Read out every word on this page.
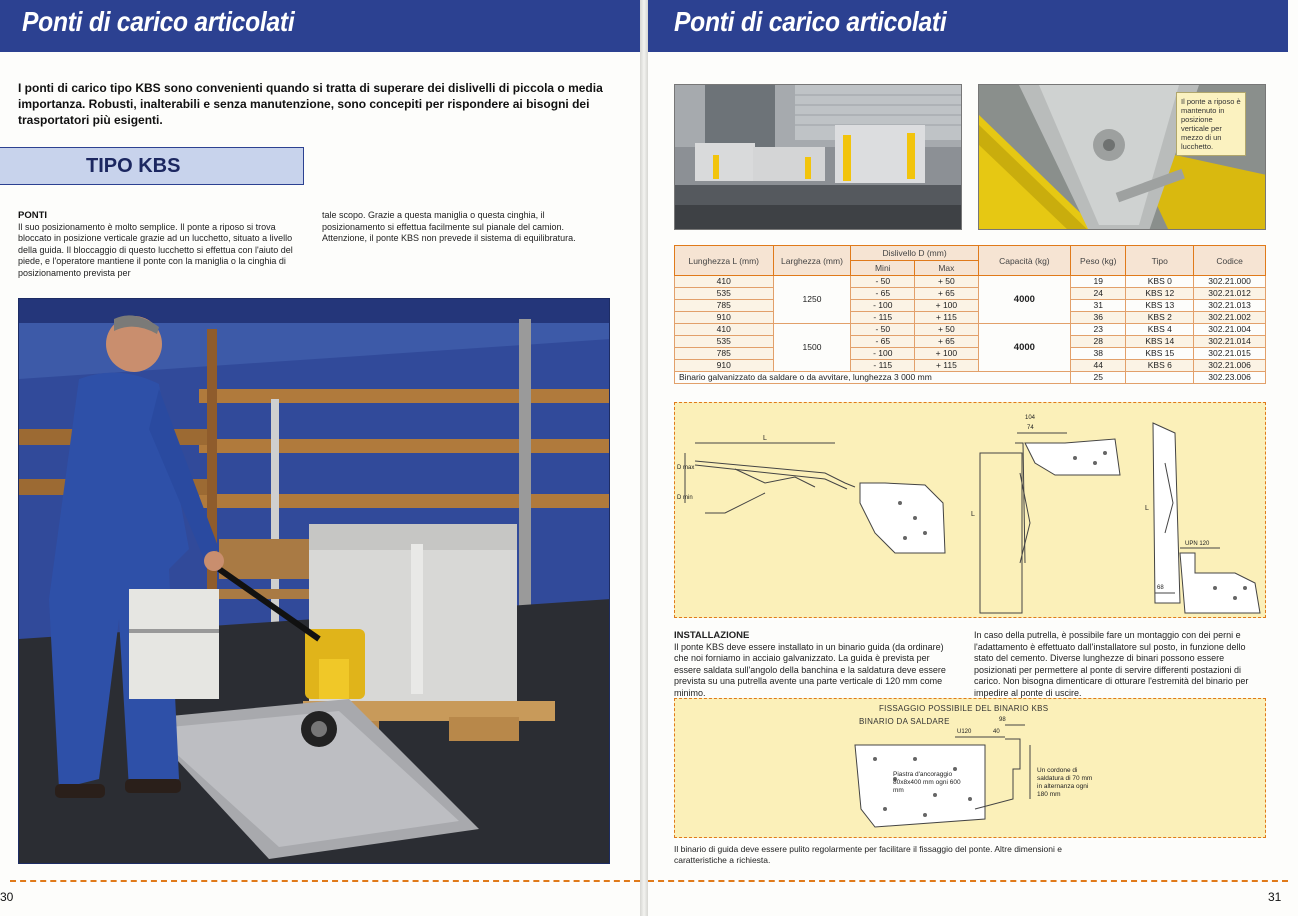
Ponti di carico articolati

I ponti di carico tipo KBS sono convenienti quando si tratta di superare dei dislivelli di piccola o media importanza. Robusti, inalterabili e senza manutenzione, sono concepiti per rispondere ai bisogni dei trasportatori più esigenti.

TIPO KBS
PONTI
Il suo posizionamento è molto semplice. Il ponte a riposo si trova bloccato in posizione verticale grazie ad un lucchetto, situato a livello della guida. Il bloccaggio di questo lucchetto si effettua con l'aiuto del piede, e l'operatore mantiene il ponte con la maniglia o la cinghia di posizionamento prevista per
tale scopo. Grazie a questa maniglia o questa cinghia, il posizionamento si effettua facilmente sul pianale del camion. Attenzione, il ponte KBS non prevede il sistema di equilibratura.
30
Ponti di carico articolati
Il ponte a riposo è mantenuto in posizione verticale per mezzo di un lucchetto.
Lunghezza L (mm)	Larghezza (mm)	Dislivello D (mm)		Capacità (kg)	Peso (kg)	Tipo	Codice
		Mini	Max				
410	1250	- 50	+ 50	4000	19	KBS 0	302.21.000
535		- 65	+ 65		24	KBS 12	302.21.012
785		- 100	+ 100		31	KBS 13	302.21.013
910		- 115	+ 115		36	KBS 2	302.21.002
410	1500	- 50	+ 50	4000	23	KBS 4	302.21.004
535		- 65	+ 65		28	KBS 14	302.21.014
785		- 100	+ 100		38	KBS 15	302.21.015
910		- 115	+ 115		44	KBS 6	302.21.006
Binario galvanizzato da saldare o da avvitare, lunghezza 3 000 mm					25		302.23.006
L
D max
D min
104
74
L
L
UPN 120
68
INSTALLAZIONE
Il ponte KBS deve essere installato in un binario guida (da ordinare) che noi forniamo in acciaio galvanizzato. La guida è prevista per essere saldata sull'angolo della banchina e la saldatura deve essere prevista su una putrella avente una parte verticale di 120 mm come minimo.
In caso della putrella, è possibile fare un montaggio con dei perni e l'adattamento è effettuato dall'installatore sul posto, in funzione dello stato del cemento. Diverse lunghezze di binari possono essere posizionati per permettere al ponte di servire differenti postazioni di carico. Non bisogna dimenticare di otturare l'estremità del binario per impedire al ponte di uscire.
FISSAGGIO POSSIBILE DEL BINARIO KBS
BINARIO DA SALDARE
U120	40
98
Piastra d'ancoraggio 80x8x400 mm ogni 600 mm
Un cordone di saldatura di 70 mm in alternanza ogni 180 mm
Il binario di guida deve essere pulito regolarmente per facilitare il fissaggio del ponte. Altre dimensioni e caratteristiche a richiesta.
31
